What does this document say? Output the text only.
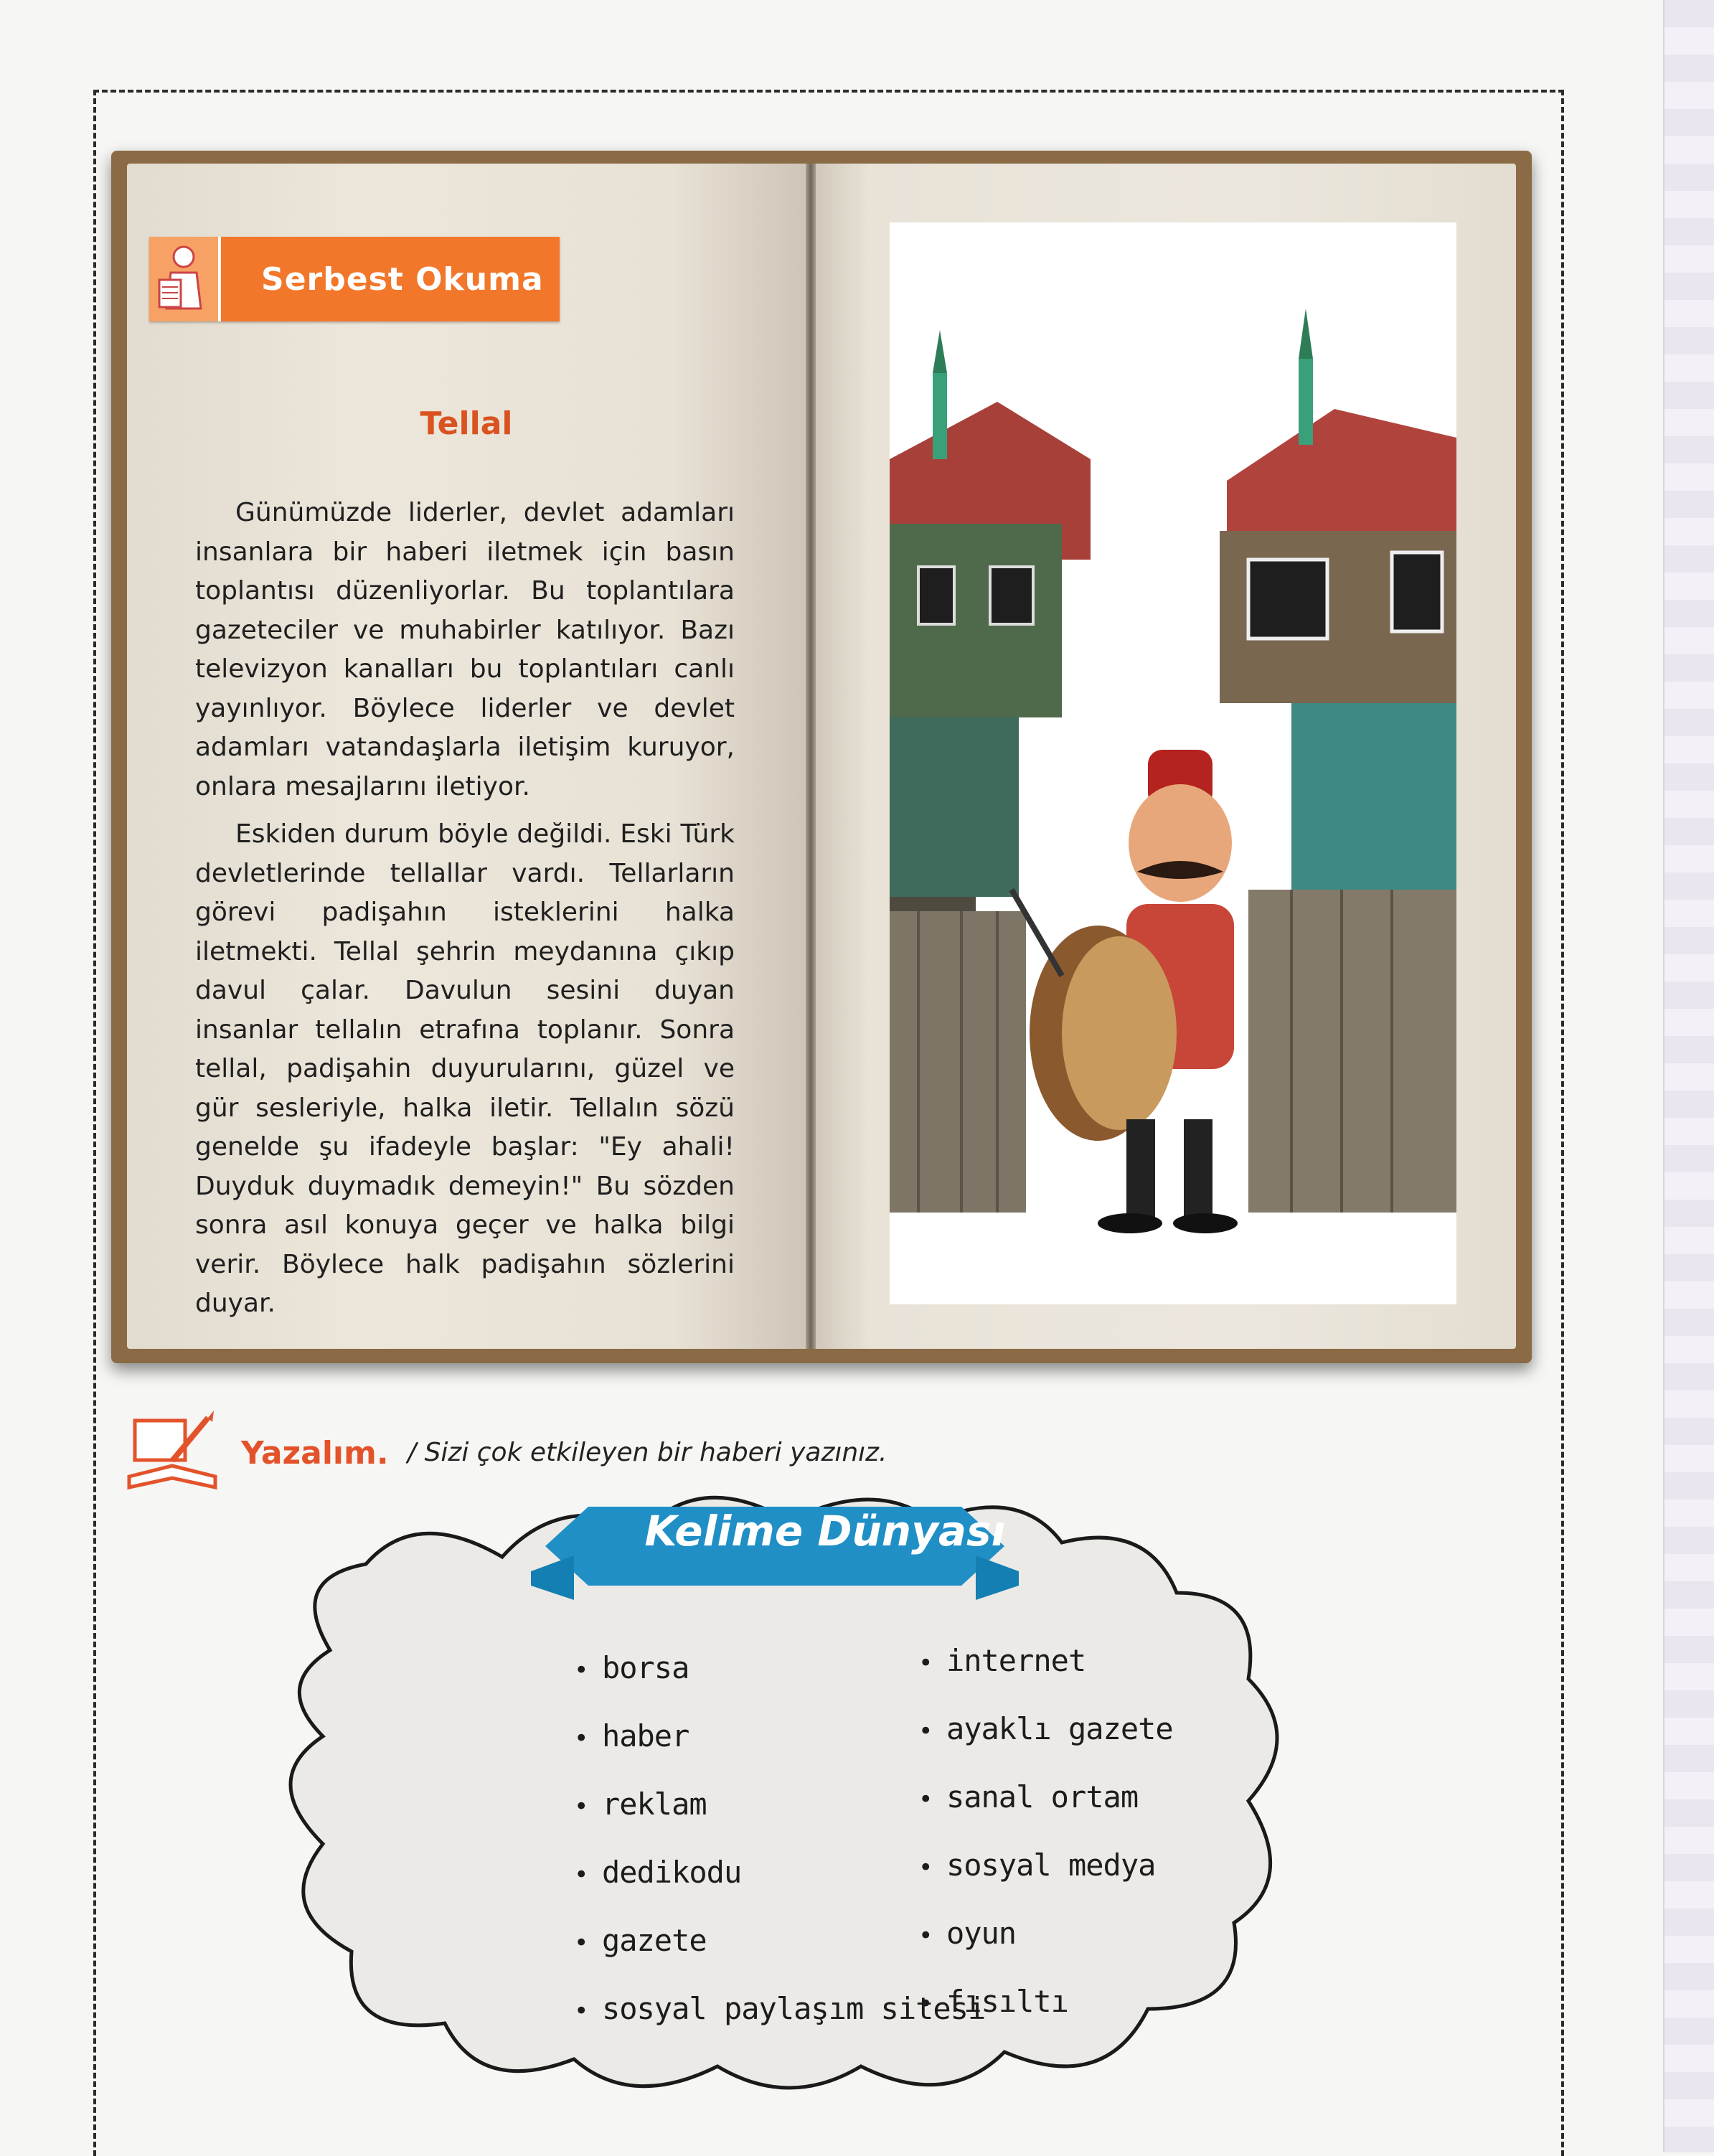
Serbest Okuma
Tellal

Günümüzde liderler, devlet adamları insanlara bir haberi iletmek için basın toplantısı düzenliyorlar. Bu toplantılara gazeteciler ve muhabirler katılıyor. Bazı televizyon kanalları bu toplantıları canlı yayınlıyor. Böylece liderler ve devlet adamları vatandaşlarla iletişim kuruyor, onlara mesajlarını iletiyor.

Eskiden durum böyle değildi. Eski Türk devletlerinde tellallar vardı. Tellarların görevi padişahın isteklerini halka iletmekti. Tellal şehrin meydanına çıkıp davul çalar. Davulun sesini duyan insanlar tellalın etrafına toplanır. Sonra tellal, padişahin duyurularını, güzel ve gür sesleriyle, halka iletir. Tellalın sözü genelde şu ifadeyle başlar: "Ey ahali! Duyduk duymadık demeyin!" Bu sözden sonra asıl konuya geçer ve halka bilgi verir. Böylece halk padişahın sözlerini duyar.

Yazalım. / Sizi çok etkileyen bir haberi yazınız.
Kelime Dünyası
• borsa
• haber
• reklam
• dedikodu
• gazete
• sosyal paylaşım sitesi
• internet
• ayaklı gazete
• sanal ortam
• sosyal medya
• oyun
• fısıltı
